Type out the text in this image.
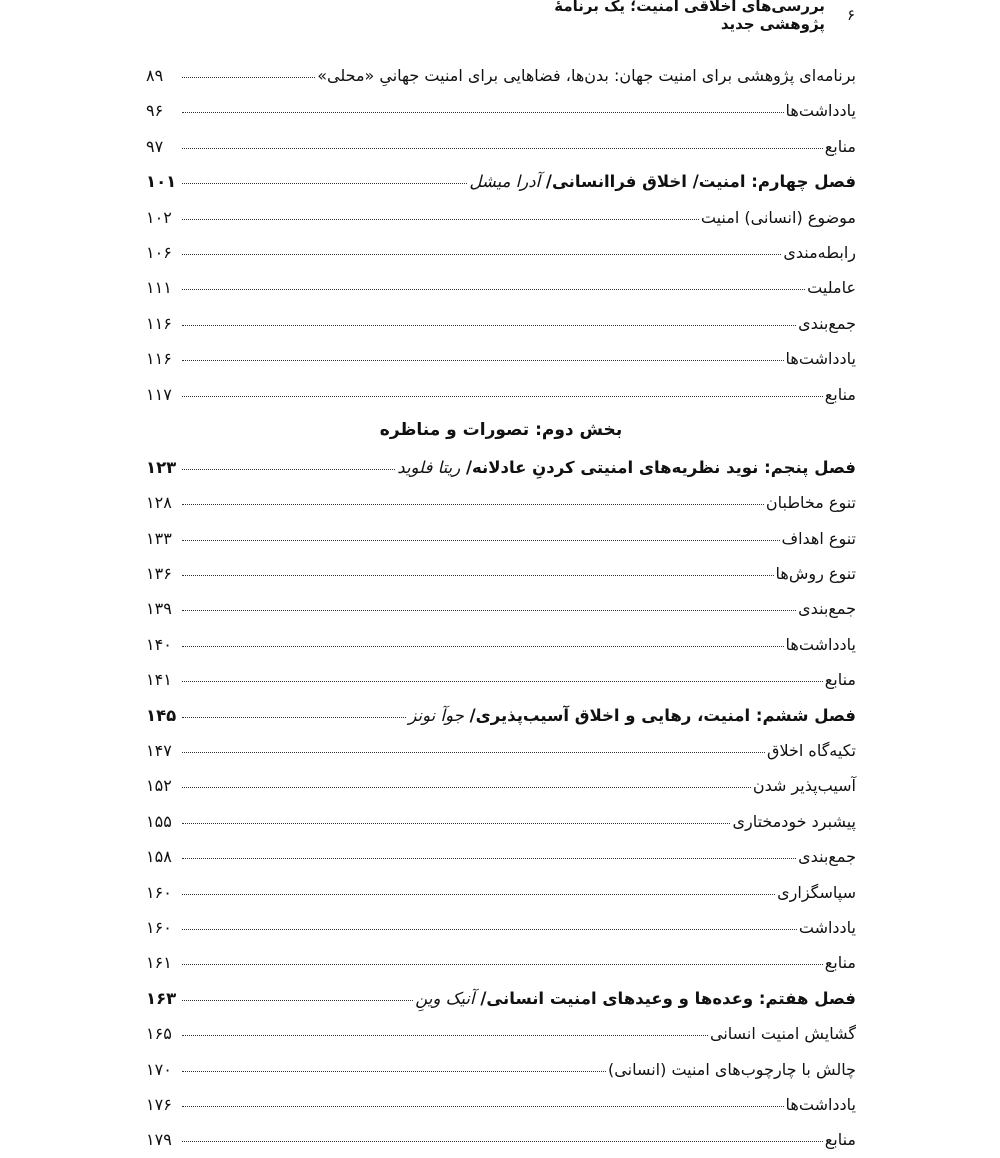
۶
بررسی‌های اخلاقی امنیت؛ یک برنامهٔ پژوهشی جدید
برنامه‌ای پژوهشی برای امنیت جهان: بدن‌ها، فضاهایی برای امنیت جهانیِ «محلی»
۸۹
یادداشت‌ها
۹۶
منابع
۹۷
فصل چهارم: امنیت/ اخلاق فراانسانی/ آدرا میشل
۱۰۱
موضوع (انسانی) امنیت
۱۰۲
رابطه‌مندی
۱۰۶
عاملیت
۱۱۱
جمع‌بندی
۱۱۶
یادداشت‌ها
۱۱۶
منابع
۱۱۷
بخش دوم: تصورات و مناظره
فصل پنجم: نوید نظریه‌های امنیتی کردنِ عادلانه/ ریتا فلوید
۱۲۳
تنوع مخاطبان
۱۲۸
تنوع اهداف
۱۳۳
تنوع روش‌ها
۱۳۶
جمع‌بندی
۱۳۹
یادداشت‌ها
۱۴۰
منابع
۱۴۱
فصل ششم: امنیت، رهایی و اخلاق آسیب‌پذیری/ جوآ نونز
۱۴۵
تکیه‌گاه اخلاق
۱۴۷
آسیب‌پذیر شدن
۱۵۲
پیشبرد خودمختاری
۱۵۵
جمع‌بندی
۱۵۸
سپاسگزاری
۱۶۰
یادداشت
۱۶۰
منابع
۱۶۱
فصل هفتم: وعده‌ها و وعیدهای امنیت انسانی/ آنیک وینِ
۱۶۳
گشایش امنیت انسانی
۱۶۵
چالش با چارچوب‌های امنیت (انسانی)
۱۷۰
یادداشت‌ها
۱۷۶
منابع
۱۷۹
